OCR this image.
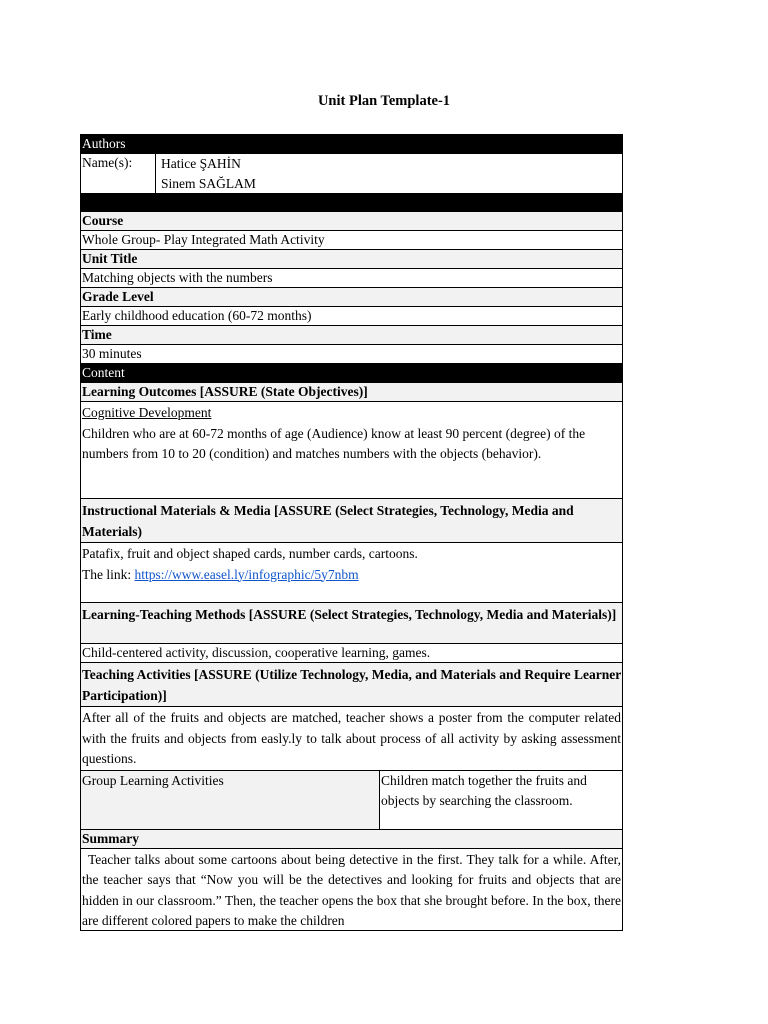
Unit Plan Template-1
Authors		
Name(s):	Hatice ŞAHİN
Sinem SAĞLAM	

Course		
Whole Group- Play Integrated Math Activity		
Unit Title		
Matching objects with the numbers		
Grade Level		
Early childhood education (60-72 months)		
Time		
30 minutes		
Content		
Learning Outcomes [ASSURE (State Objectives)]		

Cognitive Development

Children who are at 60-72 months of age (Audience) know at least 90 percent (degree) of the numbers from 10 to 20 (condition) and matches numbers with the objects (behavior).		

Instructional Materials & Media [ASSURE (Select Strategies, Technology, Media and Materials)		

Patafix, fruit and object shaped cards, number cards, cartoons.

The link: https://www.easel.ly/infographic/5y7nbm		

Learning-Teaching Methods [ASSURE (Select Strategies, Technology, Media and Materials)]		

Child-centered activity, discussion, cooperative learning, games.		

Teaching Activities [ASSURE (Utilize Technology, Media, and Materials and Require Learner Participation)]		

After all of the fruits and objects are matched, teacher shows a poster from the computer related with the fruits and objects from easly.ly to talk about process of all activity by asking assessment questions.		

Group Learning Activities		Children match together the fruits and objects by searching the classroom.

Summary		

Teacher talks about some cartoons about being detective in the first. They talk for a while. After, the teacher says that “Now you will be the detectives and looking for fruits and objects that are hidden in our classroom.” Then, the teacher opens the box that she brought before. In the box, there are different colored papers to make the children		
